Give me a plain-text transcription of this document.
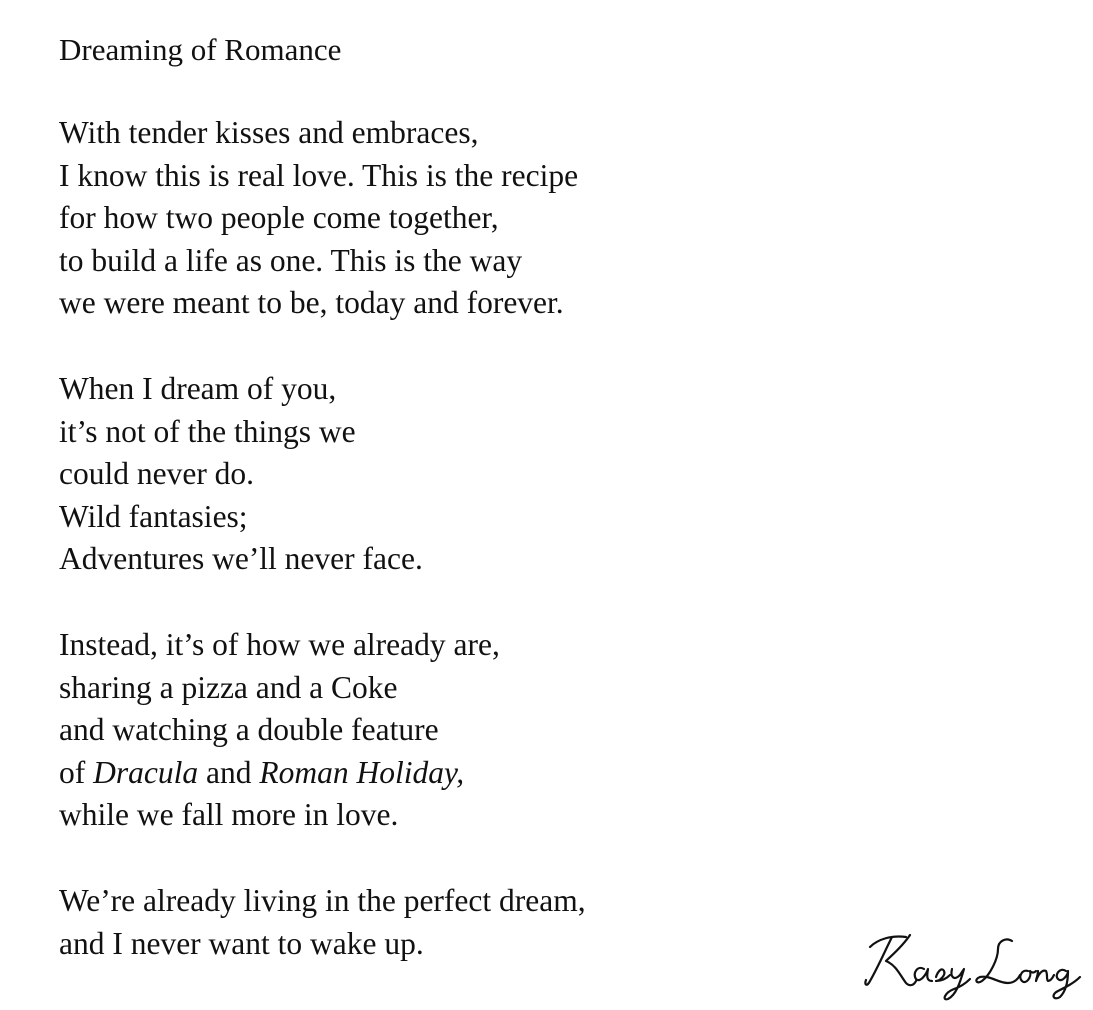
Dreaming of Romance
With tender kisses and embraces,
I know this is real love. This is the recipe
for how two people come together,
to build a life as one. This is the way
we were meant to be, today and forever.
When I dream of you,
it’s not of the things we
could never do.
Wild fantasies;
Adventures we’ll never face.
Instead, it’s of how we already are,
sharing a pizza and a Coke
and watching a double feature
of Dracula and Roman Holiday,
while we fall more in love.
We’re already living in the perfect dream,
and I never want to wake up.
